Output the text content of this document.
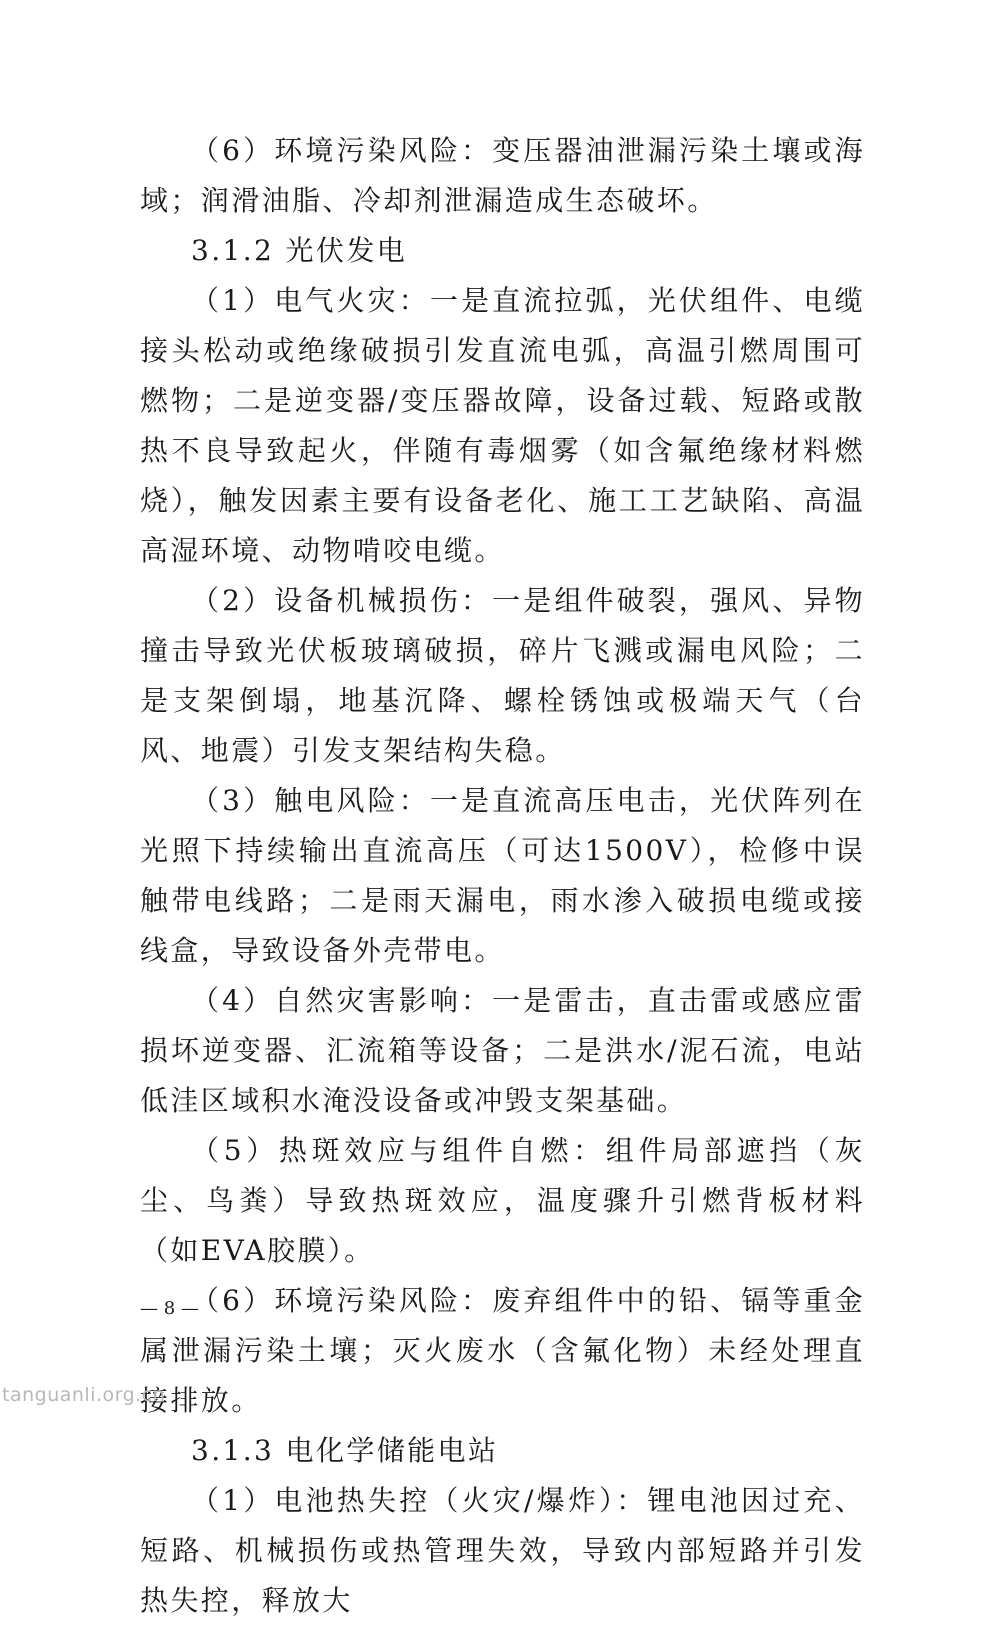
（6）环境污染风险：变压器油泄漏污染土壤或海域；润滑油脂、冷却剂泄漏造成生态破坏。

3.1.2 光伏发电

（1）电气火灾：一是直流拉弧，光伏组件、电缆接头松动或绝缘破损引发直流电弧，高温引燃周围可燃物；二是逆变器/变压器故障，设备过载、短路或散热不良导致起火，伴随有毒烟雾（如含氟绝缘材料燃烧），触发因素主要有设备老化、施工工艺缺陷、高温高湿环境、动物啃咬电缆。

（2）设备机械损伤：一是组件破裂，强风、异物撞击导致光伏板玻璃破损，碎片飞溅或漏电风险；二是支架倒塌，地基沉降、螺栓锈蚀或极端天气（台风、地震）引发支架结构失稳。

（3）触电风险：一是直流高压电击，光伏阵列在光照下持续输出直流高压（可达1500V），检修中误触带电线路；二是雨天漏电，雨水渗入破损电缆或接线盒，导致设备外壳带电。

（4）自然灾害影响：一是雷击，直击雷或感应雷损坏逆变器、汇流箱等设备；二是洪水/泥石流，电站低洼区域积水淹没设备或冲毁支架基础。

（5）热斑效应与组件自燃：组件局部遮挡（灰尘、鸟粪）导致热斑效应，温度骤升引燃背板材料（如EVA胶膜）。

（6）环境污染风险：废弃组件中的铅、镉等重金属泄漏污染土壤；灭火废水（含氟化物）未经处理直接排放。

3.1.3 电化学储能电站

（1）电池热失控（火灾/爆炸）：锂电池因过充、短路、机械损伤或热管理失效，导致内部短路并引发热失控，释放大

— 8 —
tanguanli.org.cn
